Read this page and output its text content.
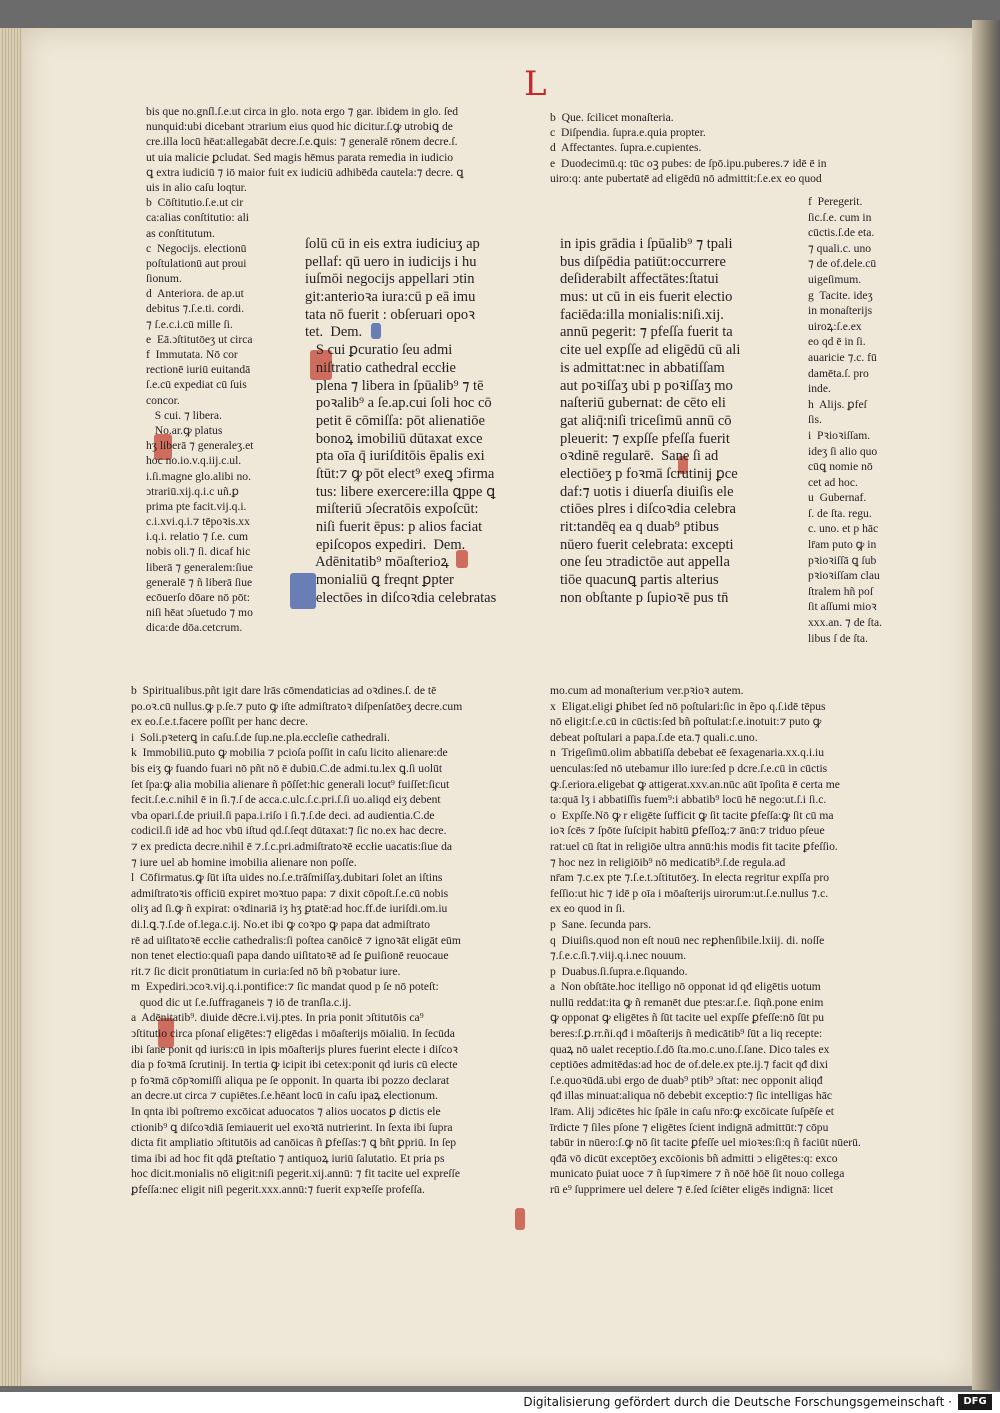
L
bis que no.gnſl.ſ.e.ut circa in glo. nota ergo ⁊ gar. ibidem in glo. ſed
nunquid:ubi dicebant ↄtrarium eius quod hic dicitur.ſ.ꝙ utrobiꝗ de
cre.illa locū hēat:allegabāt decre.ſ.e.ꝗuis: ⁊ generalē rōnem decre.ſ.
ut uia malicie ꝑcludat. Sed magis hēmus parata remedia in iudicio
ꝗ extra iudiciū ⁊ iō maior fuit ex iudiciū adhibēda cautela:⁊ decre. ꝗ
uis in alio caſu loqtur.
b  Cōſtitutio.ſ.e.ut cir
ca:alias conſtitutio: ali
as conſtitutum.
c  Negocijs. electionū
poſtulationū aut proui
ſionum.
d  Anteriora. de ap.ut
debitus ⁊.ſ.e.ti. cordi.
⁊ ſ.e.c.i.cū mille ſi.
e  Eā.ↄſtitutōeʒ ut circa
f  Immutata. Nō cor
rectionē iuriū euitandā
ſ.e.cū expediat cū ſuis
concor.
S cui. ⁊ libera.
No.ar.ꝙ platus
hʒ liberā ⁊ generaleʒ.et
hoc no.io.v.q.iij.c.ul.
i.ſi.magne glo.alibi no.
ↄtrariū.xij.q.i.c uñ.ꝑ
prima pte facit.vij.q.i.
c.i.xvi.q.i.⁊ tēpoꝛis.xx
i.q.i. relatio ⁊ ſ.e. cum
nobis oli.⁊ ſi. dicaf hic
liberā ⁊ generalem:ſiue
generalē ⁊ ñ liberā ſiue
ecōuerſo dōare nō pōt:
niſi hēat ↄſuetudo ⁊ mo
dica:de dōa.cetcrum.
ſolū cū in eis extra iudiciuʒ ap
pellaf: qū uero in iudicijs i hu
iuſmōi negocijs appellari ↄtin
git:anterioꝛa iura:cū p eā imu
tata nō fuerit : obſeruari opoꝛ
tet.  Dem.
S cui ꝑcuratio ſeu admi
niſtratio cathedral eccłie
plena ⁊ libera in ſpūalib⁹ ⁊ tē
poꝛalib⁹ a ſe.ap.cui ſoli hoc cō
petit ē cōmiſſa: pōt alienatiōe
bonoꝝ imobiliū dūtaxat exce
pta oīa q̄ iuriſditōis ēpalis exi
ſtūt:⁊ ꝙ pōt elect⁹ exeꝗ ↄfirma
tus: libere exercere:illa ꝗppe ꝗ
miſteriū ↄſecratōis expoſcūt:
niſi fuerit ēpus: p alios faciat
epiſcopos expediri.  Dem.
Adēnitatib⁹ mōaſterioꝝ
monialiū ꝗ freqnt ꝑpter
electōes in diſcoꝛdia celebratas
in ipis grādia i ſpūalib⁹ ⁊ tpali
bus diſpēdia patiūt:occurrere
deſiderabilt affectātes:ſtatui
mus: ut cū in eis fuerit electio
faciēda:illa monialis:niſi.xij.
annū pegerit: ⁊ pfeſſa fuerit ta
cite uel expſſe ad eligēdū cū ali
is admittat:nec in abbatiſſam
aut poꝛiſſaʒ ubi p poꝛiſſaʒ mo
naſteriū gubernat: de cēto eli
gat aliq̄:niſi triceſimū annū cō
pleuerit: ⁊ expſſe pfeſſa fuerit
oꝛdinē regularē.  Sane ſi ad
electiōeʒ p foꝛmā ſcrutinij ꝑce
daf:⁊ uotis i diuerſa diuiſis ele
ctiōes plres i diſcoꝛdia celebra
rit:tandēq ea q duab⁹ ptibus
nūero fuerit celebrata: excepti
one ſeu ↄtradictōe aut appella
tiōe quacunꝗ partis alterius
non obſtante p ſupioꝛē pus tn̄
b  Que. ſcilicet monaſteria.
c  Diſpendia. ſupra.e.quia propter.
d  Affectantes. ſupra.e.cupientes.
e  Duodecimū.q: tūc oꝫ pubes: de ſpō.ipu.puberes.⁊ idē ē in
uiro:q: ante pubertatē ad eligēdū nō admittit:ſ.e.ex eo quod
f  Peregerit.
ſic.ſ.e. cum in
cūctis.ſ.de eta.
⁊ quali.c. uno
⁊ de of.dele.cū
uigeſimum.
g  Tacite. ideʒ
in monaſterijs
uiroꝝ:ſ.e.ex
eo qd ē in ſi.
auaricie ⁊.c. fū
damēta.ſ. pro
inde.
h  Alijs. ꝑfeſ
ſis.
i  Pꝛioꝛiſſam.
ideʒ ſi alio quo
cūꝗ nomie nō
cet ad hoc.
u  Gubernaf.
ſ. de ſta. regu.
c. uno. et p hāc
lr̄am puto ꝙ in
pꝛioꝛiſſā ꝗ ſub
pꝛioꝛiſſam clau
ſtralem hñ poſ
ſit aſſumi mioꝛ
xxx.an. ⁊ de ſta.
libus ſ de ſta.
b  Spiritualibus.pñt igit dare lrās cōmendaticias ad oꝛdines.ſ. de tē
po.oꝛ.cū nullus.ꝙ p.ſe.⁊ puto ꝙ iſte admiſtratoꝛ diſpenſatōeʒ decre.cum
ex eo.ſ.e.t.facere poſſit per hanc decre.
i  Soli.pꝛeterꝗ in caſu.ſ.de ſup.ne.pla.eccleſie cathedrali.
k  Immobiliū.puto ꝙ mobilia ⁊ pcioſa poſſit in caſu licito alienare:de
bis eiʒ ꝙ fuando fuari nō pñt nō ē dubiū.C.de admi.tu.lex ꝗ.ſi uolūt
ſet ſpa:ꝙ alia mobilia alienare ñ pōſſet:hic generali locut⁹ fuiſſet:ſicut
fecit.ſ.e.c.nihil ē in ſi.⁊.ſ de acca.c.ulc.ſ.c.pri.ſ.ſi uo.aliqd eiʒ debent
vba opari.ſ.de priuil.ſi papa.i.riſo i ſi.⁊.ſ.de deci. ad audientia.C.de
codicil.ſi idē ad hoc vbū iſtud qd.ſ.ſeqt dūtaxat:⁊ ſic no.ex hac decre.
⁊ ex predicta decre.nihil ē ⁊.ſ.c.pri.admiſtratoꝛē eccłie uacatis:ſiue da
⁊ iure uel ab homine imobilia alienare non poſſe.
l  Cōfirmatus.ꝙ ſūt iſta uides no.ſ.e.trāſmiſſaʒ.dubitari ſolet an iſtins
admiſtratoꝛis officiū expiret moꝛtuo papa: ⁊ dixit cōpoſt.ſ.e.cū nobis
oliʒ ad ſi.ꝙ ñ expirat: oꝛdinariā iʒ hʒ ꝑtatē:ad hoc.ff.de iuriſdi.om.iu
di.l.ꝗ.⁊.ſ.de of.lega.c.ij. No.et ibi ꝙ coꝛpo ꝙ papa dat admiſtrato
rē ad uiſitatoꝛē eccłie cathedralis:ſi poſtea canōicē ⁊ ignoꝛāt eligāt eūm
non tenet electio:quaſi papa dando uiſitatoꝛē ad ſe ꝑuiſionē reuocaue
rit.⁊ ſic dicit pronūtiatum in curia:ſed nō bñ pꝛobatur iure.
m  Expediri.ↄcoꝛ.vij.q.i.pontifice:⁊ ſic mandat quod p ſe nō poteſt:
quod dic ut ſ.e.ſuffraganeis ⁊ iō de tranſla.c.ij.
a  Adēnitatib⁹. diuide dēcre.i.vij.ptes. In pria ponit ↄſtitutōis ca⁹
ↄſtitutio circa pſonaſ eligētes:⁊ eligēdas i mōaſterijs mōialiū. In ſecūda
ibi ſane ponit qd iuris:cū in ipis mōaſterijs plures fuerint electe i diſcoꝛ
dia p foꝛmā ſcrutinij. In tertia ꝙ icipit ibi cetex:ponit qd iuris cū electe
p foꝛmā cōpꝛomiſſi aliqua pe ſe opponit. In quarta ibi pozzo declarat
an decre.ut circa ⁊ cupiētes.ſ.e.hēant locū in caſu ipaꝝ electionum.
In qnta ibi poſtremo excōicat aduocatos ⁊ alios uocatos ꝑ dictis ele
ctionib⁹ ꝗ diſcoꝛdiā ſemiauerit uel exoꝛtā nutrierint. In ſexta ibi ſupra
dicta fit ampliatio ↄſtitutōis ad canōicas ñ ꝑfeſſas:⁊ ꝗ bñt ꝑpriū. In ſep
tima ibi ad hoc fit qdā ꝑteſtatio ⁊ antiquoꝝ iuriū ſalutatio. Et pria ps
hoc dicit.monialis nō eligit:niſi pegerit.xij.annū: ⁊ fit tacite uel expreſſe
ꝑfeſſa:nec eligit niſi pegerit.xxx.annū:⁊ fuerit expꝛeſſe profeſſa.
mo.cum ad monaſterium ver.pꝛioꝛ autem.
x  Eligat.eligi ꝑhibet ſed nō poſtulari:ſic in ẽpo q.ſ.idē tēpus
nō eligit:ſ.e.cū in cūctis:ſed bñ poſtulat:ſ.e.inotuit:⁊ puto ꝙ
debeat poſtulari a papa.ſ.de eta.⁊ quali.c.uno.
n  Trigeſimū.olim abbatiſſa debebat eē ſexagenaria.xx.q.i.iu
uenculas:ſed nō utebamur illo iure:ſed p dcre.ſ.e.cū in cūctis
ꝙ.ſ.eriora.eligebat ꝙ attigerat.xxv.an.nūc aūt īpoſita ē certa me
ta:quā lʒ i abbatiſſis fuem⁹:i abbatib⁹ locū hē nego:ut.ſ.i ſi.c.
o  Expſſe.Nō ꝙ r eligēte ſufficit ꝙ ſit tacite ꝑfeſſa:ꝙ ſit cū ma
ioꝛ ſcēs ⁊ ſpōte ſuſcipit habitū ꝑfeſſoꝝ:⁊ ānū:⁊ triduo pſeue
rat:uel cū ſtat in religiōe ultra annū:his modis fit tacite ꝑfeſſio.
⁊ hoc nez in religiōib⁹ nō medicatib⁹.ſ.de regula.ad
nr̄am ⁊.c.ex pte ⁊.ſ.e.t.ↄſtitutōeʒ. In electa regritur expſſa pro
feſſio:ut hic ⁊ idē p oīa i mōaſterijs uirorum:ut.ſ.e.nullus ⁊.c.
ex eo quod in ſi.
p  Sane. ſecunda pars.
q  Diuiſis.quod non eſt nouū nec reꝑhenſibile.lxiij. di. noſſe
⁊.ſ.e.c.ſi.⁊.viij.q.i.nec nouum.
p  Duabus.ſi.ſupra.e.ſiquando.
a  Non obſtāte.hoc itelligo nō opponat id qđ eligētis uotum
nullū reddat:ita ꝙ ñ remanēt due ptes:ar.ſ.e. ſiqñ.pone enim
ꝙ opponat ꝙ eligētes ñ ſūt tacite uel expſſe ꝑfeſſe:nō ſūt pu
beres:ſ.ꝑ.rr.ñi.qđ i mōaſterijs ñ medicātib⁹ ſūt a liq recepte:
quaꝝ nō ualet receptio.ſ.dō ſta.mo.c.uno.ſ.ſane. Dico tales ex
ceptiōes admitēdas:ad hoc de of.dele.ex pte.ij.⁊ facit qđ dixi
ſ.e.quoꝛūdā.ubi ergo de duab⁹ ptib⁹ ↄſtat: nec opponit aliqđ
qđ illas minuat:aliqua nō debebit exceptio:⁊ ſic intelligas hāc
lr̄am. Alij ↄdicētes hic ſpāle in caſu nr̄o:ꝙ excōicate ſuſpēſe et
īrdicte ⁊ ſiles pſone ⁊ eligētes ſcient indignā admittūt:⁊ cōpu
tabūr in nūero:ſ.ꝙ nō ſit tacite ꝑfeſſe uel mioꝛes:ſi:q ñ faciūt nūerū.
qđā vō dicūt exceptōeʒ excōionis bñ admitti ↄ eligētes:q: exco
municato p̄uiat uoce ⁊ ñ ſupꝛimere ⁊ ñ nōē hōē ſit nouo collega
rū e⁹ ſupprimere uel delere ⁊ ē.ſed ſciēter eligēs indignā: licet
Digitalisierung gefördert durch die Deutsche Forschungsgemeinschaft ·	DFG
